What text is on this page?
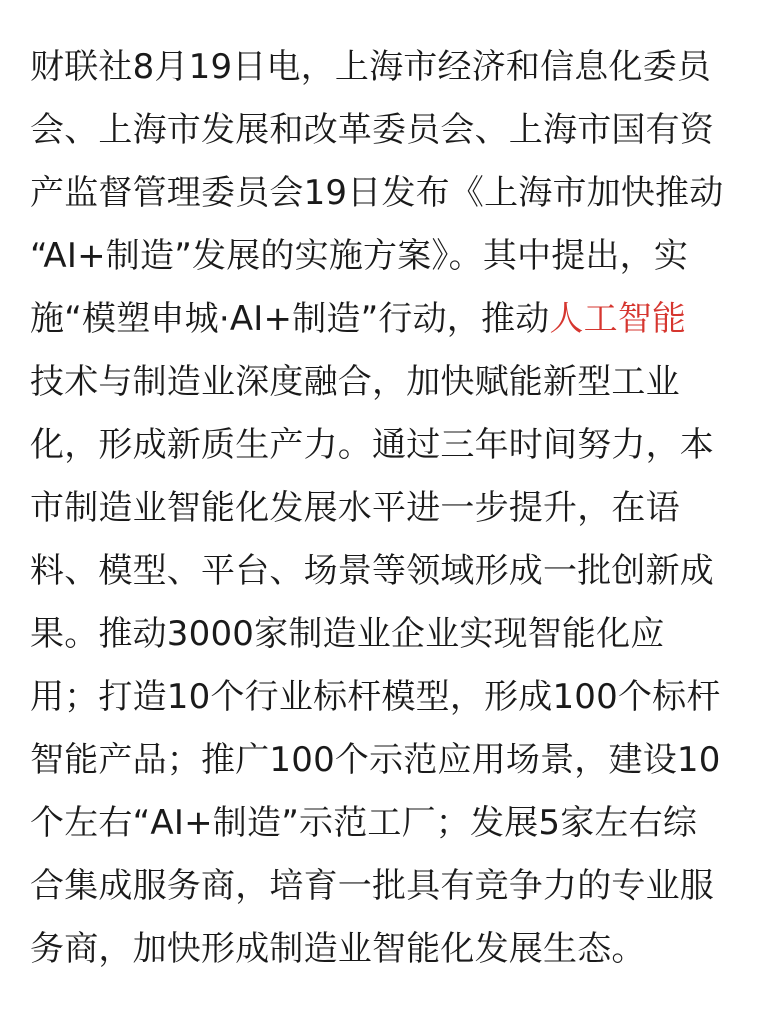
财联社8月19日电，上海市经济和信息化委员
会、上海市发展和改革委员会、上海市国有资
产监督管理委员会19日发布《上海市加快推动
“AI+制造”发展的实施方案》。其中提出，实
施“模塑申城·AI+制造”行动，推动人工智能
技术与制造业深度融合，加快赋能新型工业
化，形成新质生产力。通过三年时间努力，本
市制造业智能化发展水平进一步提升，在语
料、模型、平台、场景等领域形成一批创新成
果。推动3000家制造业企业实现智能化应
用；打造10个行业标杆模型，形成100个标杆
智能产品；推广100个示范应用场景，建设10
个左右“AI+制造”示范工厂；发展5家左右综
合集成服务商，培育一批具有竞争力的专业服
务商，加快形成制造业智能化发展生态。
